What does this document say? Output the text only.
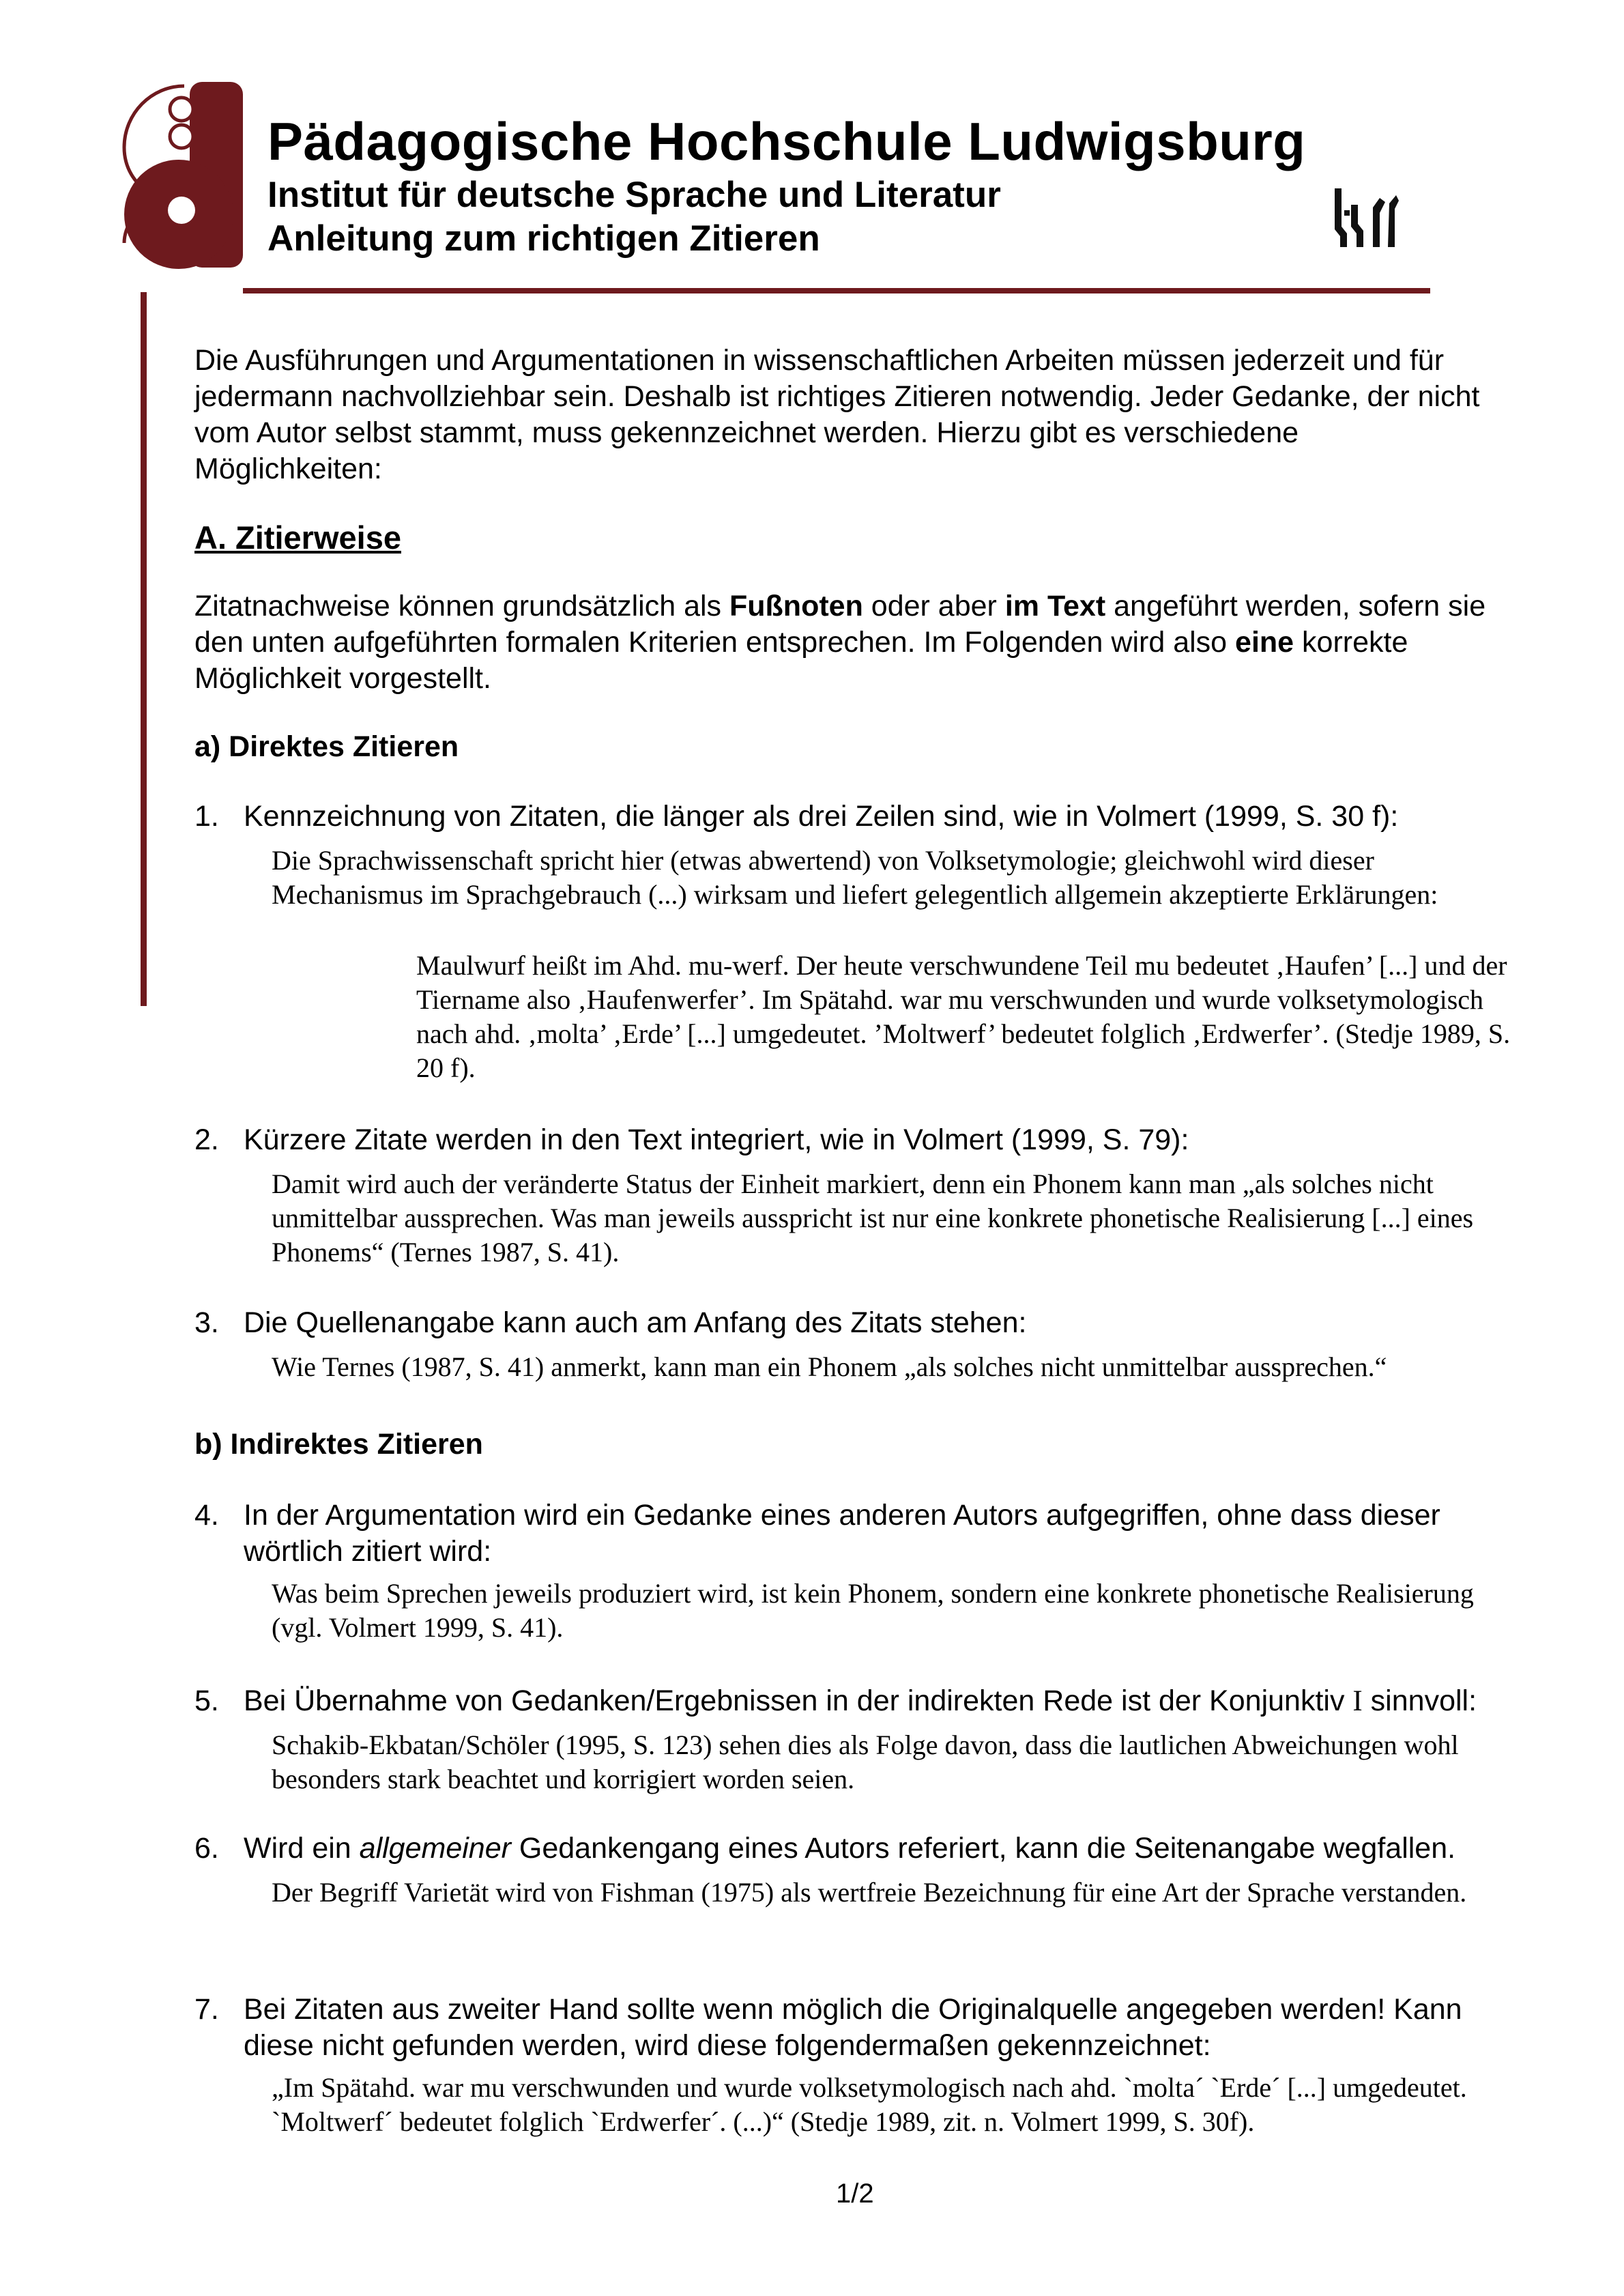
Pädagogische Hochschule Ludwigsburg
Institut für deutsche Sprache und Literatur
Anleitung zum richtigen Zitieren

Die Ausführungen und Argumentationen in wissenschaftlichen Arbeiten müssen jederzeit und für jedermann nachvollziehbar sein. Deshalb ist richtiges Zitieren notwendig. Jeder Gedanke, der nicht vom Autor selbst stammt, muss gekennzeichnet werden. Hierzu gibt es verschiedene Möglichkeiten:

A. Zitierweise

Zitatnachweise können grundsätzlich als Fußnoten oder aber im Text angeführt werden, sofern sie den unten aufgeführten formalen Kriterien entsprechen. Im Folgenden wird also eine korrekte Möglichkeit vorgestellt.

a) Direktes Zitieren
1. Kennzeichnung von Zitaten, die länger als drei Zeilen sind, wie in Volmert (1999, S. 30 f):

Die Sprachwissenschaft spricht hier (etwas abwertend) von Volksetymologie; gleichwohl wird dieser Mechanismus im Sprachgebrauch (...) wirksam und liefert gelegentlich allgemein akzeptierte Erklärungen:

Maulwurf heißt im Ahd. mu-werf. Der heute verschwundene Teil mu bedeutet ‚Haufen’ [...] und der Tiername also ‚Haufenwerfer’. Im Spätahd. war mu verschwunden und wurde volksetymologisch nach ahd. ‚molta’ ‚Erde’ [...] umgedeutet. ’Moltwerf’ bedeutet folglich ‚Erdwerfer’. (Stedje 1989, S. 20 f).

2. Kürzere Zitate werden in den Text integriert, wie in Volmert (1999, S. 79):

Damit wird auch der veränderte Status der Einheit markiert, denn ein Phonem kann man „als solches nicht unmittelbar aussprechen. Was man jeweils ausspricht ist nur eine konkrete phonetische Realisierung [...] eines Phonems“ (Ternes 1987, S. 41).

3. Die Quellenangabe kann auch am Anfang des Zitats stehen:

Wie Ternes (1987, S. 41) anmerkt, kann man ein Phonem „als solches nicht unmittelbar aussprechen.“

b) Indirektes Zitieren
4. In der Argumentation wird ein Gedanke eines anderen Autors aufgegriffen, ohne dass dieser wörtlich zitiert wird:

Was beim Sprechen jeweils produziert wird, ist kein Phonem, sondern eine konkrete phonetische Realisierung (vgl. Volmert 1999, S. 41).

5. Bei Übernahme von Gedanken/Ergebnissen in der indirekten Rede ist der Konjunktiv I sinnvoll:

Schakib-Ekbatan/Schöler (1995, S. 123) sehen dies als Folge davon, dass die lautlichen Abweichungen wohl besonders stark beachtet und korrigiert worden seien.

6. Wird ein allgemeiner Gedankengang eines Autors referiert, kann die Seitenangabe wegfallen.

Der Begriff Varietät wird von Fishman (1975) als wertfreie Bezeichnung für eine Art der Sprache verstanden.

7. Bei Zitaten aus zweiter Hand sollte wenn möglich die Originalquelle angegeben werden! Kann diese nicht gefunden werden, wird diese folgendermaßen gekennzeichnet:

„Im Spätahd. war mu verschwunden und wurde volksetymologisch nach ahd. `molta´ `Erde´ [...] umgedeutet. `Moltwerf´ bedeutet folglich `Erdwerfer´. (...)“ (Stedje 1989, zit. n. Volmert 1999, S. 30f).

1/2
